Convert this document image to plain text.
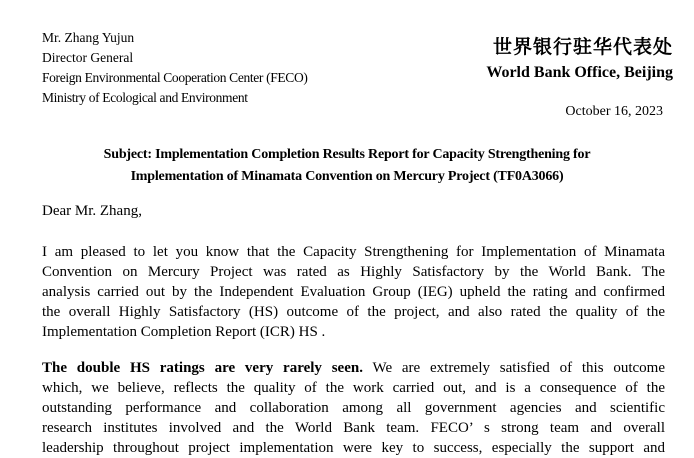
Mr. Zhang Yujun
Director General
Foreign Environmental Cooperation Center (FECO)
Ministry of Ecological and Environment
世界银行驻华代表处
World Bank Office, Beijing
October 16, 2023
Subject: Implementation Completion Results Report for Capacity Strengthening for
Implementation of Minamata Convention on Mercury Project (TF0A3066)
Dear Mr. Zhang,
I am pleased to let you know that the Capacity Strengthening for Implementation of Minamata
Convention on Mercury Project was rated as Highly Satisfactory by the World Bank. The
analysis carried out by the Independent Evaluation Group (IEG) upheld the rating and confirmed
the overall Highly Satisfactory (HS) outcome of the project, and also rated the quality of the
Implementation Completion Report (ICR) HS .
The double HS ratings are very rarely seen. We are extremely satisfied of this outcome
which, we believe, reflects the quality of the work carried out, and is a consequence of the
outstanding performance and collaboration among all government agencies and scientific
research institutes involved and the World Bank team. FECO’ s strong team and overall
leadership throughout project implementation were key to success, especially the support and
